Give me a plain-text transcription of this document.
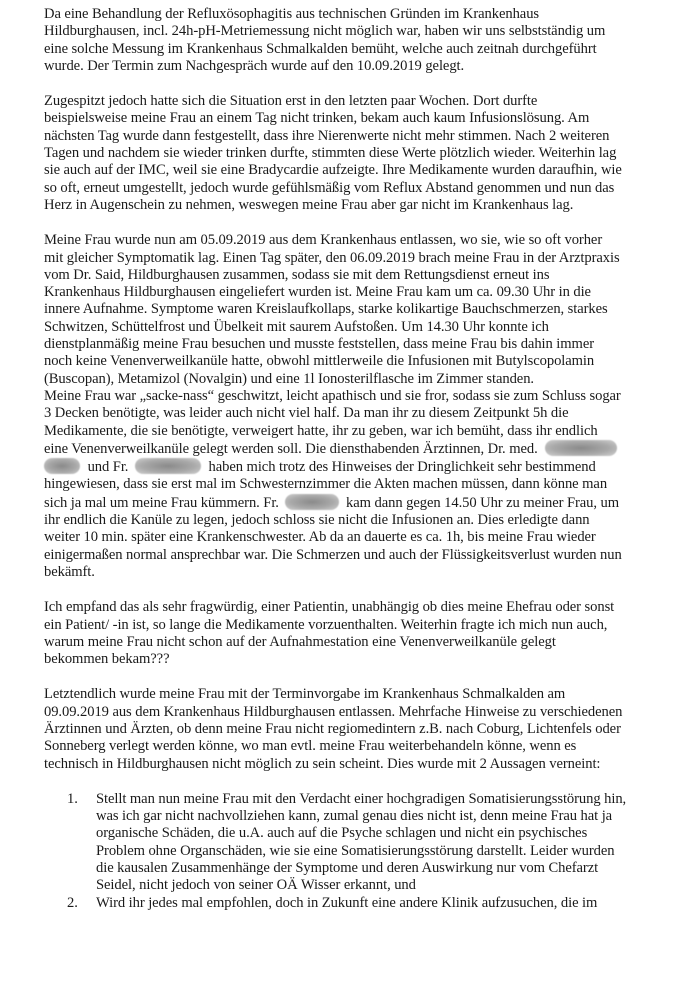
Da eine Behandlung der Refluxösophagitis aus technischen Gründen im Krankenhaus
Hildburghausen, incl. 24h-pH-Metriemessung nicht möglich war, haben wir uns selbstständig um
eine solche Messung im Krankenhaus Schmalkalden bemüht, welche auch zeitnah durchgeführt
wurde. Der Termin zum Nachgespräch wurde auf den 10.09.2019 gelegt.
Zugespitzt jedoch hatte sich die Situation erst in den letzten paar Wochen. Dort durfte
beispielsweise meine Frau an einem Tag nicht trinken, bekam auch kaum Infusionslösung. Am
nächsten Tag wurde dann festgestellt, dass ihre Nierenwerte nicht mehr stimmen. Nach 2 weiteren
Tagen und nachdem sie wieder trinken durfte, stimmten diese Werte plötzlich wieder. Weiterhin lag
sie auch auf der IMC, weil sie eine Bradycardie aufzeigte. Ihre Medikamente wurden daraufhin, wie
so oft, erneut umgestellt, jedoch wurde gefühlsmäßig vom Reflux Abstand genommen und nun das
Herz in Augenschein zu nehmen, weswegen meine Frau aber gar nicht im Krankenhaus lag.
Meine Frau wurde nun am 05.09.2019 aus dem Krankenhaus entlassen, wo sie, wie so oft vorher
mit gleicher Symptomatik lag. Einen Tag später, den 06.09.2019 brach meine Frau in der Arztpraxis
vom Dr. Said, Hildburghausen zusammen, sodass sie mit dem Rettungsdienst erneut ins
Krankenhaus Hildburghausen eingeliefert wurden ist. Meine Frau kam um ca. 09.30 Uhr in die
innere Aufnahme. Symptome waren Kreislaufkollaps, starke kolikartige Bauchschmerzen, starkes
Schwitzen, Schüttelfrost und Übelkeit mit saurem Aufstoßen. Um 14.30 Uhr konnte ich
dienstplanmäßig meine Frau besuchen und musste feststellen, dass meine Frau bis dahin immer
noch keine Venenverweilkanüle hatte, obwohl mittlerweile die Infusionen mit Butylscopolamin
(Buscopan), Metamizol (Novalgin) und eine 1l Ionosterilflasche im Zimmer standen.
Meine Frau war „sacke-nass“ geschwitzt, leicht apathisch und sie fror, sodass sie zum Schluss sogar
3 Decken benötigte, was leider auch nicht viel half. Da man ihr zu diesem Zeitpunkt 5h die
Medikamente, die sie benötigte, verweigert hatte, ihr zu geben, war ich bemüht, dass ihr endlich
eine Venenverweilkanüle gelegt werden soll. Die diensthabenden Ärztinnen, Dr. med.
und Fr.	haben mich trotz des Hinweises der Dringlichkeit sehr bestimmend
hingewiesen, dass sie erst mal im Schwesternzimmer die Akten machen müssen, dann könne man
sich ja mal um meine Frau kümmern. Fr.	kam dann gegen 14.50 Uhr zu meiner Frau, um
ihr endlich die Kanüle zu legen, jedoch schloss sie nicht die Infusionen an. Dies erledigte dann
weiter 10 min. später eine Krankenschwester. Ab da an dauerte es ca. 1h, bis meine Frau wieder
einigermaßen normal ansprechbar war. Die Schmerzen und auch der Flüssigkeitsverlust wurden nun
bekämft.
Ich empfand das als sehr fragwürdig, einer Patientin, unabhängig ob dies meine Ehefrau oder sonst
ein Patient/ -in ist, so lange die Medikamente vorzuenthalten. Weiterhin fragte ich mich nun auch,
warum meine Frau nicht schon auf der Aufnahmestation eine Venenverweilkanüle gelegt
bekommen bekam???
Letztendlich wurde meine Frau mit der Terminvorgabe im Krankenhaus Schmalkalden am
09.09.2019 aus dem Krankenhaus Hildburghausen entlassen. Mehrfache Hinweise zu verschiedenen
Ärztinnen und Ärzten, ob denn meine Frau nicht regiomedintern z.B. nach Coburg, Lichtenfels oder
Sonneberg verlegt werden könne, wo man evtl. meine Frau weiterbehandeln könne, wenn es
technisch in Hildburghausen nicht möglich zu sein scheint. Dies wurde mit 2 Aussagen verneint:
1. Stellt man nun meine Frau mit den Verdacht einer hochgradigen Somatisierungsstörung hin,
was ich gar nicht nachvollziehen kann, zumal genau dies nicht ist, denn meine Frau hat ja
organische Schäden, die u.A. auch auf die Psyche schlagen und nicht ein psychisches
Problem ohne Organschäden, wie sie eine Somatisierungsstörung darstellt. Leider wurden
die kausalen Zusammenhänge der Symptome und deren Auswirkung nur vom Chefarzt
Seidel, nicht jedoch von seiner OÄ Wisser erkannt, und
2. Wird ihr jedes mal empfohlen, doch in Zukunft eine andere Klinik aufzusuchen, die im
